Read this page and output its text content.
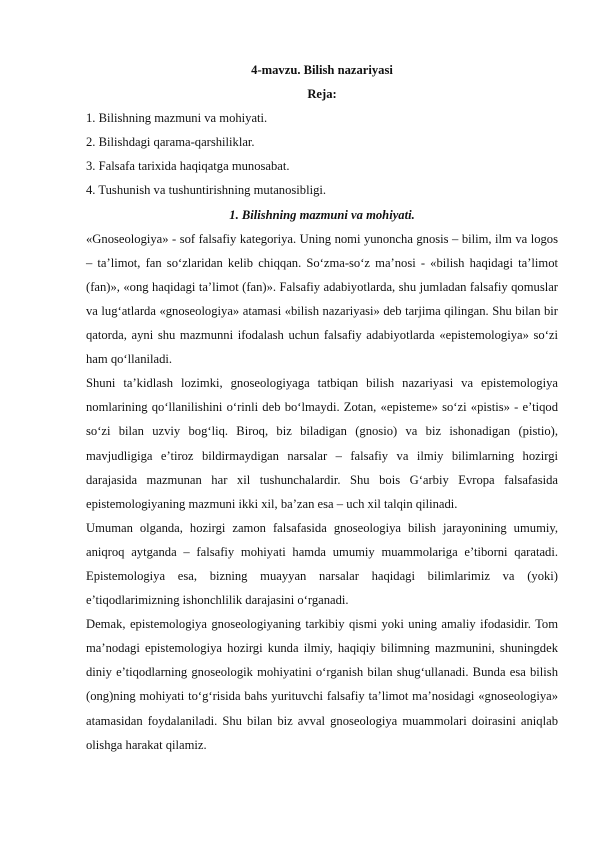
4-mavzu. Bilish nazariyasi
Reja:
1. Bilishning mazmuni va mohiyati.
2. Bilishdagi qarama-qarshiliklar.
3. Falsafa tarixida haqiqatga munosabat.
4. Tushunish va tushuntirishning mutanosibligi.
1. Bilishning mazmuni va mohiyati.

«Gnoseologiya» - sof falsafiy kategoriya. Uning nomi yunoncha gnosis – bilim, ilm va logos – ta’limot, fan so‘zlaridan kelib chiqqan. So‘zma-so‘z ma’nosi - «bilish haqidagi ta’limot (fan)», «ong haqidagi ta’limot (fan)». Falsafiy adabiyotlarda, shu jumladan falsafiy qomuslar va lug‘atlarda «gnoseologiya» atamasi «bilish nazariyasi» deb tarjima qilingan. Shu bilan bir qatorda, ayni shu mazmunni ifodalash uchun falsafiy adabiyotlarda «epistemologiya» so‘zi ham qo‘llaniladi.

Shuni ta’kidlash lozimki, gnoseologiyaga tatbiqan bilish nazariyasi va epistemologiya nomlarining qo‘llanilishini o‘rinli deb bo‘lmaydi. Zotan, «episteme» so‘zi «pistis» - e’tiqod so‘zi bilan uzviy bog‘liq. Biroq, biz biladigan (gnosio) va biz ishonadigan (pistio), mavjudligiga e’tiroz bildirmaydigan narsalar – falsafiy va ilmiy bilimlarning hozirgi darajasida mazmunan har xil tushunchalardir. Shu bois G‘arbiy Evropa falsafasida epistemologiyaning mazmuni ikki xil, ba’zan esa – uch xil talqin qilinadi.

Umuman olganda, hozirgi zamon falsafasida gnoseologiya bilish jarayonining umumiy, aniqroq aytganda – falsafiy mohiyati hamda umumiy muammolariga e’tiborni qaratadi. Epistemologiya esa, bizning muayyan narsalar haqidagi bilimlarimiz va (yoki) e’tiqodlarimizning ishonchlilik darajasini o‘rganadi.

Demak, epistemologiya gnoseologiyaning tarkibiy qismi yoki uning amaliy ifodasidir. Tom ma’nodagi epistemologiya hozirgi kunda ilmiy, haqiqiy bilimning mazmunini, shuningdek diniy e’tiqodlarning gnoseologik mohiyatini o‘rganish bilan shug‘ullanadi. Bunda esa bilish (ong)ning mohiyati to‘g‘risida bahs yurituvchi falsafiy ta’limot ma’nosidagi «gnoseologiya» atamasidan foydalaniladi. Shu bilan biz avval gnoseologiya muammolari doirasini aniqlab olishga harakat qilamiz.
